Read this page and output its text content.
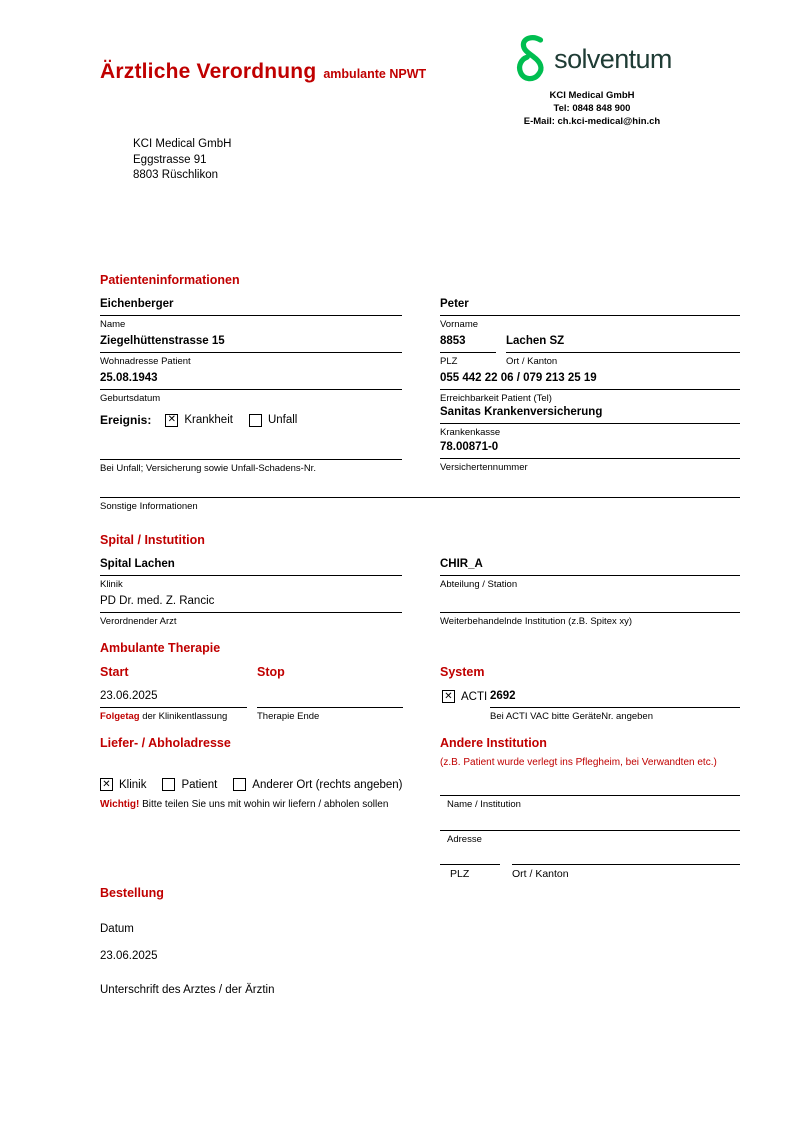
Ärztliche Verordnung ambulante NPWT
solventum
KCI Medical GmbH
Tel: 0848 848 900
E-Mail: ch.kci-medical@hin.ch
KCI Medical GmbH
Eggstrasse 91
8803 Rüschlikon
Patienteninformationen
Eichenberger
Name
Peter
Vorname
Ziegelhüttenstrasse 15
Wohnadresse Patient
8853
PLZ
Lachen SZ
Ort / Kanton
25.08.1943
Geburtsdatum
055 442 22 06 / 079 213 25 19
Erreichbarkeit Patient (Tel)
Ereignis: ✕	Krankheit	Unfall
Bei Unfall; Versicherung sowie Unfall-Schadens-Nr.
Sanitas Krankenversicherung
Krankenkasse
78.00871-0
Versichertennummer
Sonstige Informationen
Spital / Instutition
Spital Lachen
Klinik
CHIR_A
Abteilung / Station
PD Dr. med. Z. Rancic
Verordnender Arzt	Weiterbehandelnde Institution (z.B. Spitex xy)
Ambulante Therapie
Start	Stop	System
23.06.2025
Folgetag der Klinikentlassung	Therapie Ende
✕
ACTI 2692
Bei ACTI VAC bitte GeräteNr. angeben
Liefer- / Abholadresse
✕
Klinik	Patient	Anderer Ort (rechts angeben)
Wichtig! Bitte teilen Sie uns mit wohin wir liefern / abholen sollen
Andere Institution
(z.B. Patient wurde verlegt ins Pflegheim, bei Verwandten etc.)
Name / Institution
Adresse
PLZ	Ort / Kanton
Bestellung
Datum
23.06.2025
Unterschrift des Arztes / der Ärztin
